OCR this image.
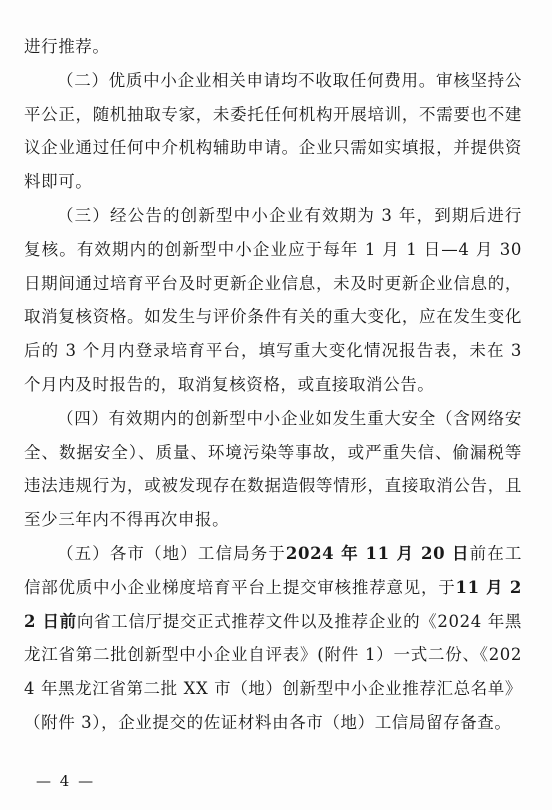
进行推荐。

（二）优质中小企业相关申请均不收取任何费用。审核坚持公平公正，随机抽取专家，未委托任何机构开展培训，不需要也不建议企业通过任何中介机构辅助申请。企业只需如实填报，并提供资料即可。

（三）经公告的创新型中小企业有效期为 3 年，到期后进行复核。有效期内的创新型中小企业应于每年 1 月 1 日—4 月 30 日期间通过培育平台及时更新企业信息，未及时更新企业信息的，取消复核资格。如发生与评价条件有关的重大变化，应在发生变化后的 3 个月内登录培育平台，填写重大变化情况报告表，未在 3 个月内及时报告的，取消复核资格，或直接取消公告。

（四）有效期内的创新型中小企业如发生重大安全（含网络安全、数据安全）、质量、环境污染等事故，或严重失信、偷漏税等违法违规行为，或被发现存在数据造假等情形，直接取消公告，且至少三年内不得再次申报。

（五）各市（地）工信局务于2024 年 11 月 20 日前在工信部优质中小企业梯度培育平台上提交审核推荐意见，于11 月 22 日前向省工信厅提交正式推荐文件以及推荐企业的《2024 年黑龙江省第二批创新型中小企业自评表》(附件 1）一式二份、《2024 年黑龙江省第二批 XX 市（地）创新型中小企业推荐汇总名单》（附件 3），企业提交的佐证材料由各市（地）工信局留存备查。

— 4 —
